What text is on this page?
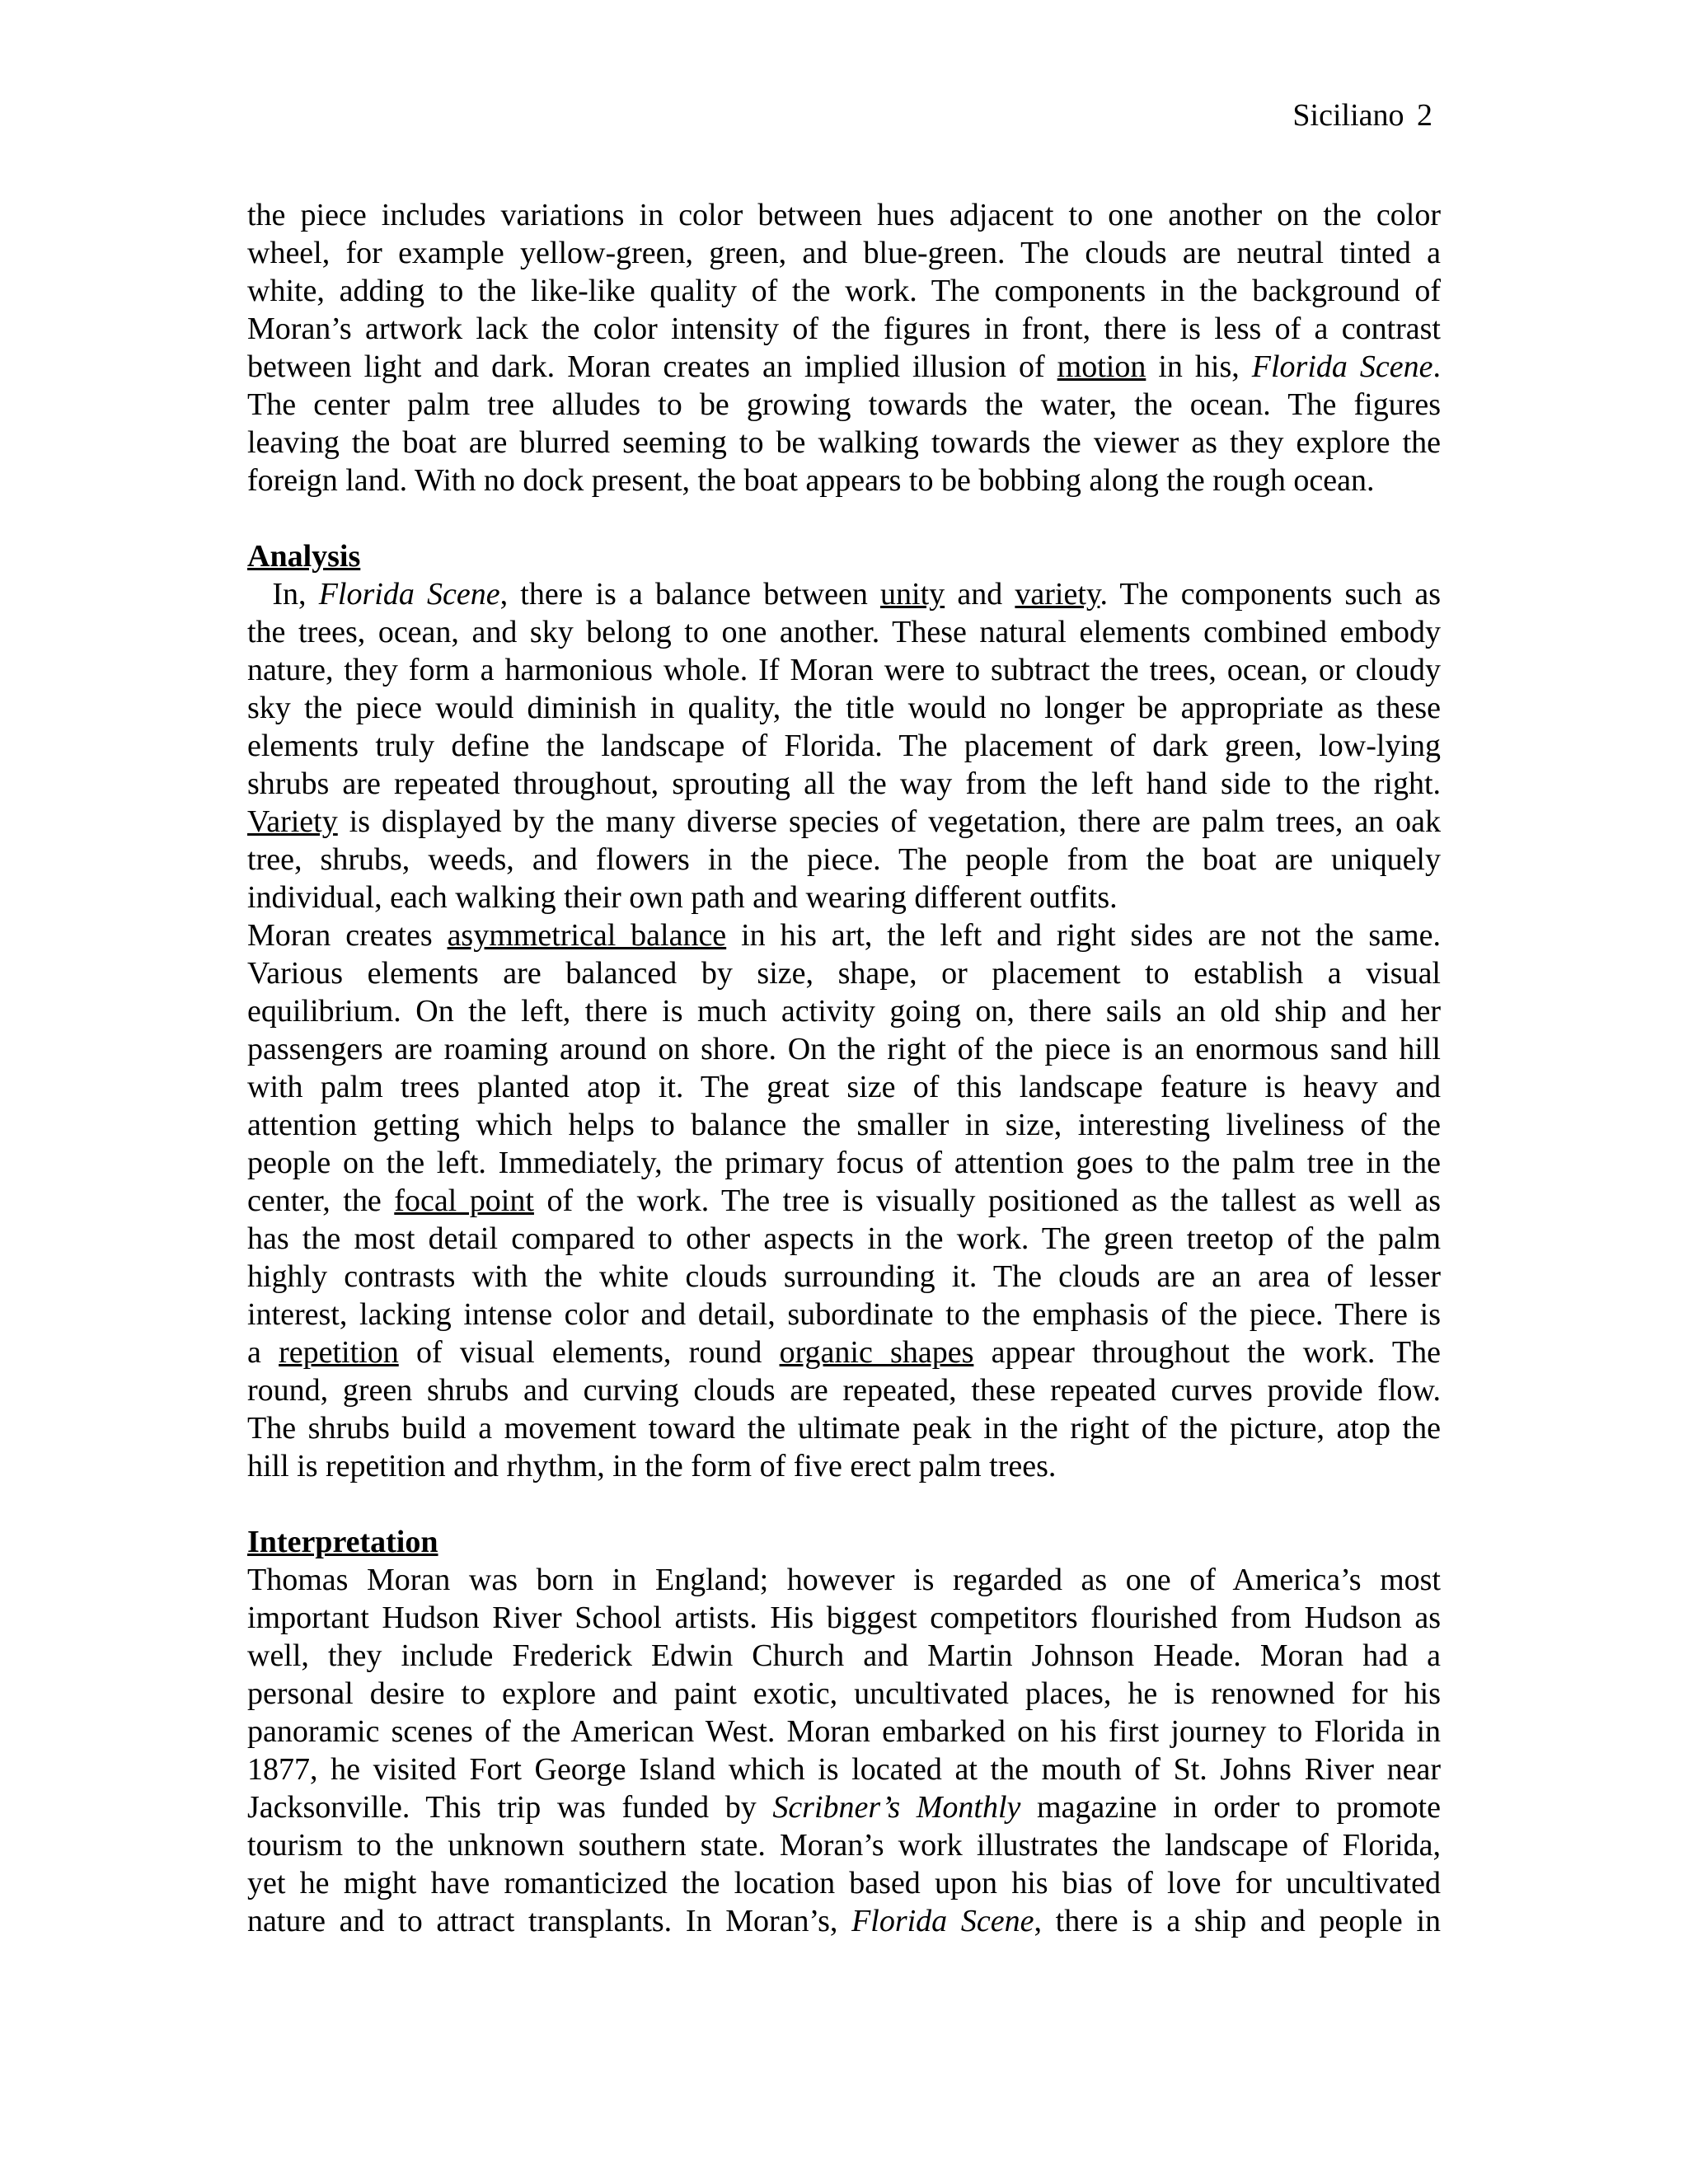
Siciliano 2
the piece includes variations in color between hues adjacent to one another on the color
wheel, for example yellow-green, green, and blue-green. The clouds are neutral tinted a
white, adding to the like-like quality of the work. The components in the background of
Moran’s artwork lack the color intensity of the figures in front, there is less of a contrast
between light and dark. Moran creates an implied illusion of motion in his, Florida Scene.
The center palm tree alludes to be growing towards the water, the ocean. The figures
leaving the boat are blurred seeming to be walking towards the viewer as they explore the
foreign land. With no dock present, the boat appears to be bobbing along the rough ocean.
Analysis
In, Florida Scene, there is a balance between unity and variety. The components such as
the trees, ocean, and sky belong to one another. These natural elements combined embody
nature, they form a harmonious whole. If Moran were to subtract the trees, ocean, or cloudy
sky the piece would diminish in quality, the title would no longer be appropriate as these
elements truly define the landscape of Florida. The placement of dark green, low-lying
shrubs are repeated throughout, sprouting all the way from the left hand side to the right.
Variety is displayed by the many diverse species of vegetation, there are palm trees, an oak
tree, shrubs, weeds, and flowers in the piece. The people from the boat are uniquely
individual, each walking their own path and wearing different outfits.
Moran creates asymmetrical balance in his art, the left and right sides are not the same.
Various elements are balanced by size, shape, or placement to establish a visual
equilibrium. On the left, there is much activity going on, there sails an old ship and her
passengers are roaming around on shore. On the right of the piece is an enormous sand hill
with palm trees planted atop it. The great size of this landscape feature is heavy and
attention getting which helps to balance the smaller in size, interesting liveliness of the
people on the left. Immediately, the primary focus of attention goes to the palm tree in the
center, the focal point of the work. The tree is visually positioned as the tallest as well as
has the most detail compared to other aspects in the work. The green treetop of the palm
highly contrasts with the white clouds surrounding it. The clouds are an area of lesser
interest, lacking intense color and detail, subordinate to the emphasis of the piece. There is
a repetition of visual elements, round organic shapes appear throughout the work. The
round, green shrubs and curving clouds are repeated, these repeated curves provide flow.
The shrubs build a movement toward the ultimate peak in the right of the picture, atop the
hill is repetition and rhythm, in the form of five erect palm trees.
Interpretation
Thomas Moran was born in England; however is regarded as one of America’s most
important Hudson River School artists. His biggest competitors flourished from Hudson as
well, they include Frederick Edwin Church and Martin Johnson Heade. Moran had a
personal desire to explore and paint exotic, uncultivated places, he is renowned for his
panoramic scenes of the American West. Moran embarked on his first journey to Florida in
1877, he visited Fort George Island which is located at the mouth of St. Johns River near
Jacksonville. This trip was funded by Scribner’s Monthly magazine in order to promote
tourism to the unknown southern state. Moran’s work illustrates the landscape of Florida,
yet he might have romanticized the location based upon his bias of love for uncultivated
nature and to attract transplants. In Moran’s, Florida Scene, there is a ship and people in
